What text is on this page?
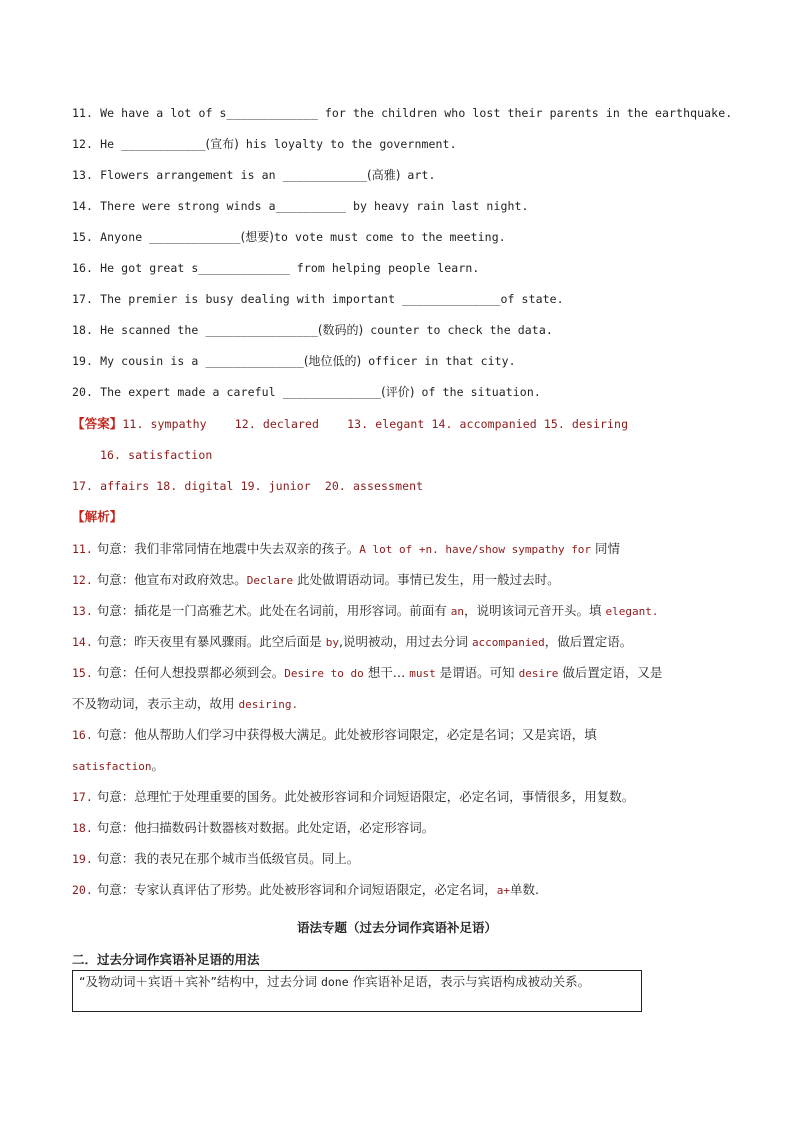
11. We have a lot of s_____________ for the children who lost their parents in the earthquake.
12. He ____________(宣布) his loyalty to the government.
13. Flowers arrangement is an ____________(高雅) art.
14. There were strong winds a__________ by heavy rain last night.
15. Anyone _____________(想要)to vote must come to the meeting.
16. He got great s_____________ from helping people learn.
17. The premier is busy dealing with important ______________of state.
18. He scanned the ________________(数码的) counter to check the data.
19. My cousin is a ______________(地位低的) officer in that city.
20. The expert made a careful ______________(评价) of the situation.
【答案】11. sympathy    12. declared    13. elegant 14. accompanied 15. desiring
16. satisfaction
17. affairs 18. digital 19. junior  20. assessment
【解析】
11. 句意：我们非常同情在地震中失去双亲的孩子。A lot of +n. have/show sympathy for 同情
12. 句意：他宣布对政府效忠。Declare 此处做谓语动词。事情已发生，用一般过去时。
13. 句意：插花是一门高雅艺术。此处在名词前，用形容词。前面有 an，说明该词元音开头。填 elegant.
14. 句意：昨天夜里有暴风骤雨。此空后面是 by,说明被动，用过去分词 accompanied，做后置定语。
15. 句意：任何人想投票都必须到会。Desire to do 想干… must 是谓语。可知 desire 做后置定语，又是
不及物动词，表示主动，故用 desiring.
16. 句意：他从帮助人们学习中获得极大满足。此处被形容词限定，必定是名词；又是宾语，填
satisfaction。
17. 句意：总理忙于处理重要的国务。此处被形容词和介词短语限定，必定名词，事情很多，用复数。
18. 句意：他扫描数码计数器核对数据。此处定语，必定形容词。
19. 句意：我的表兄在那个城市当低级官员。同上。
20. 句意：专家认真评估了形势。此处被形容词和介词短语限定，必定名词，a+单数.
语法专题（过去分词作宾语补足语）
二．过去分词作宾语补足语的用法
“及物动词＋宾语＋宾补”结构中，过去分词 done 作宾语补足语，表示与宾语构成被动关系。
